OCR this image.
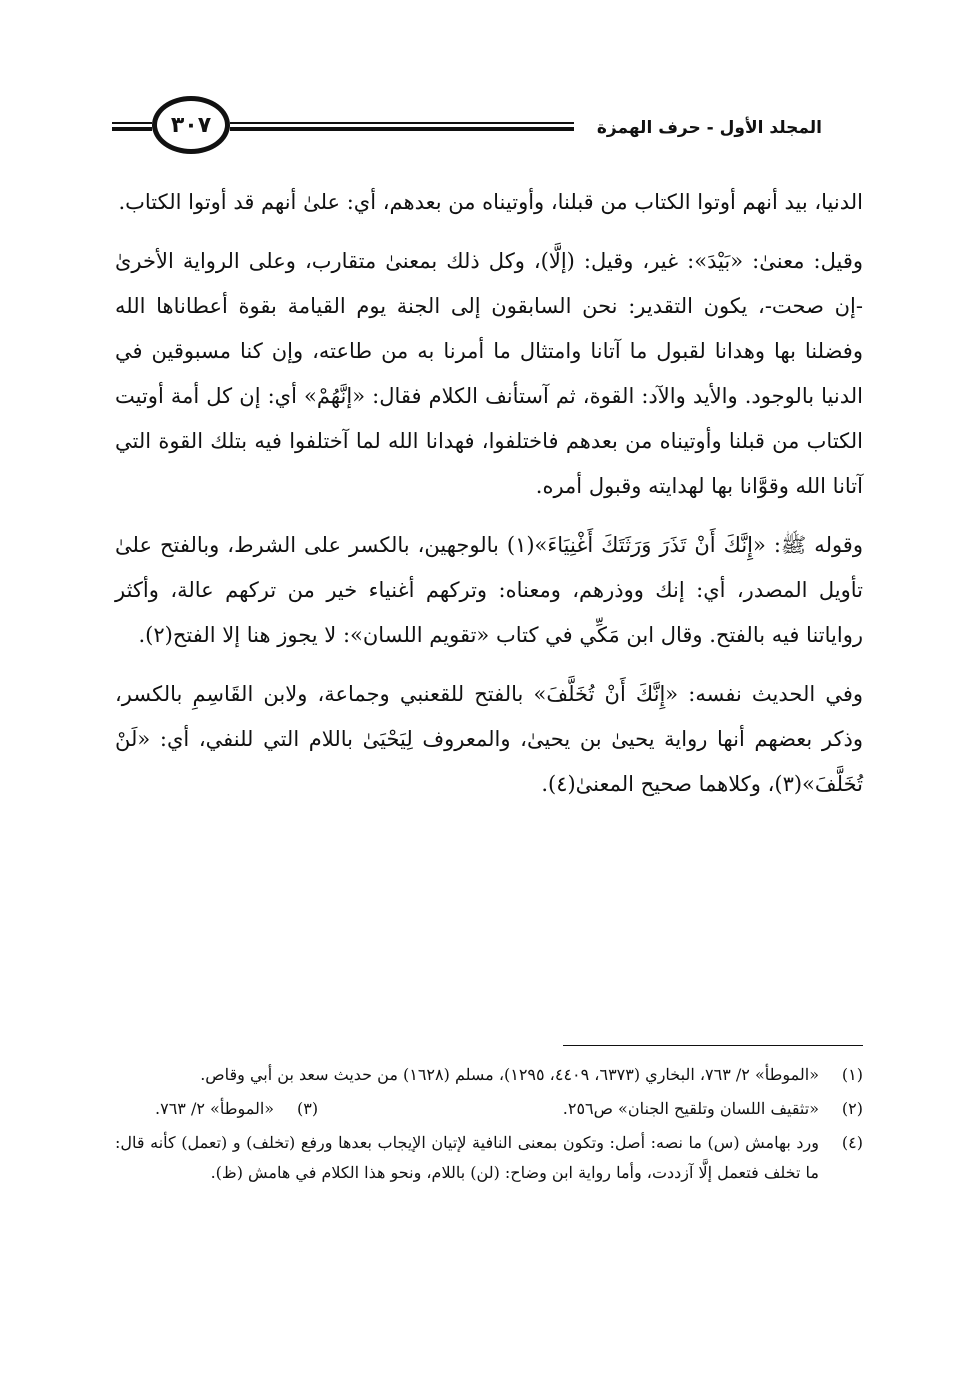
المجلد الأول - حرف الهمزة
٣٠٧

الدنيا، بيد أنهم أوتوا الكتاب من قبلنا، وأوتيناه من بعدهم، أي: علىٰ أنهم قد أوتوا الكتاب.

وقيل: معنىٰ: «بَيْدَ»: غير، وقيل: (إلَّا)، وكل ذلك بمعنىٰ متقارب، وعلى الرواية الأخرىٰ -إن صحت-، يكون التقدير: نحن السابقون إلى الجنة يوم القيامة بقوة أعطاناها الله وفضلنا بها وهدانا لقبول ما آتانا وامتثال ما أمرنا به من طاعته، وإن كنا مسبوقين في الدنيا بالوجود. والأيد والآد: القوة، ثم آستأنف الكلام فقال: «إنَّهُمْ» أي: إن كل أمة أوتيت الكتاب من قبلنا وأوتيناه من بعدهم فاختلفوا، فهدانا الله لما آختلفوا فيه بتلك القوة التي آتانا الله وقوَّانا بها لهدايته وقبول أمره.

وقوله ﷺ: «إِنَّكَ أَنْ تَذَرَ وَرَثَتَكَ أَغْنِيَاءَ»(١) بالوجهين، بالكسر على الشرط، وبالفتح علىٰ تأويل المصدر، أي: إنك ووذرهم، ومعناه: وتركهم أغنياء خير من تركهم عالة، وأكثر رواياتنا فيه بالفتح. وقال ابن مَكِّي في كتاب «تقويم اللسان»: لا يجوز هنا إلا الفتح(٢).

وفي الحديث نفسه: «إِنَّكَ أَنْ تُخَلَّفَ» بالفتح للقعنبي وجماعة، ولابن القَاسِمِ بالكسر، وذكر بعضهم أنها رواية يحيىٰ بن يحيىٰ، والمعروف لِيَحْيَىٰ باللام التي للنفي، أي: «لَنْ تُخَلَّفَ»(٣)، وكلاهما صحيح المعنىٰ(٤).

(١)
«الموطأ» ٢/ ٧٦٣، البخاري (٦٣٧٣، ٤٤٠٩، ١٢٩٥)، مسلم (١٦٢٨) من حديث سعد بن أبي وقاص.
(٢)
«تثقيف اللسان وتلقيح الجنان» ص٢٥٦.
(٣)
«الموطأ» ٢/ ٧٦٣.
(٤)
ورد بهامش (س) ما نصه: أصل: وتكون بمعنى النافية لإتيان الإيجاب بعدها ورفع (تخلف) و (تعمل) كأنه قال: ما تخلف فتعمل إلَّا آزددت، وأما رواية ابن وضاح: (لن) باللام، ونحو هذا الكلام في هامش (ظ).
